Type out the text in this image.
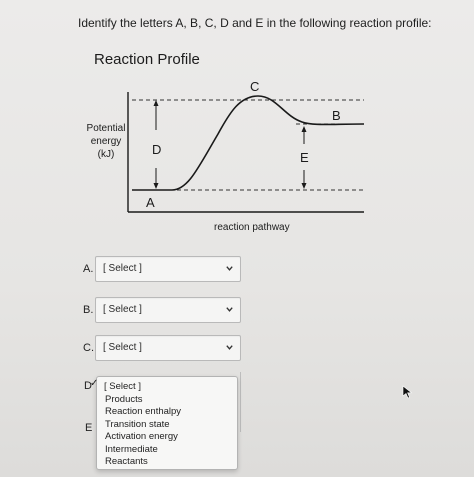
Identify the letters A, B, C, D and E in the following reaction profile:
Reaction Profile
Potential
energy
(kJ)
C
B
D
E
A
reaction pathway
A. [ Select ]
B. [ Select ]
C. [ Select ]
D
E
[ Select ]
Products
Reaction enthalpy
Transition state
Activation energy
Intermediate
Reactants
✓
